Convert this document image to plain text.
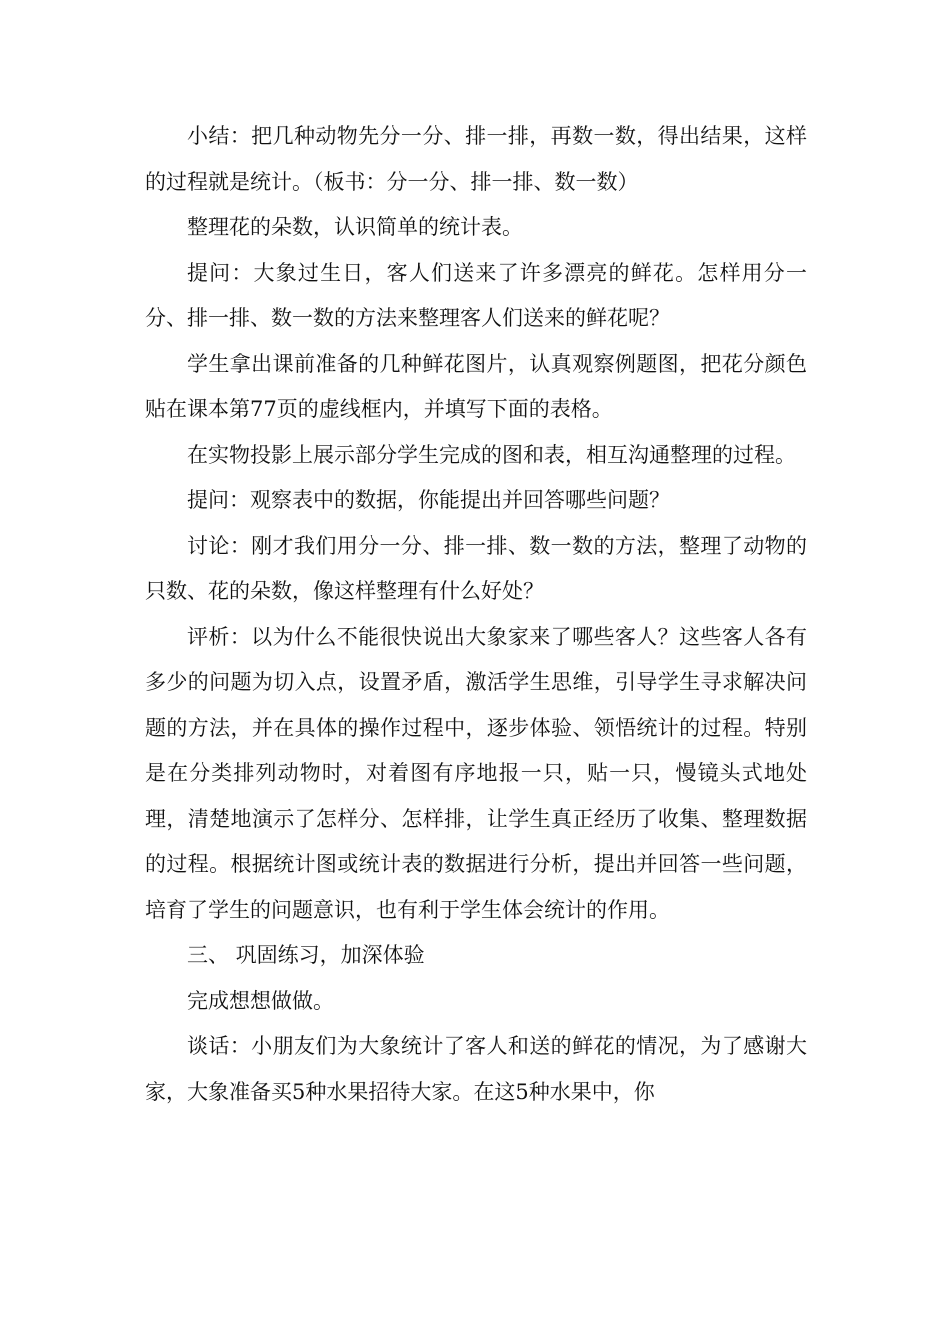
小结：把几种动物先分一分、排一排，再数一数，得出结果，这样的过程就是统计。（板书：分一分、排一排、数一数）

整理花的朵数，认识简单的统计表。

提问：大象过生日，客人们送来了许多漂亮的鲜花。怎样用分一分、排一排、数一数的方法来整理客人们送来的鲜花呢？

学生拿出课前准备的几种鲜花图片，认真观察例题图，把花分颜色贴在课本第77页的虚线框内，并填写下面的表格。

在实物投影上展示部分学生完成的图和表，相互沟通整理的过程。

提问：观察表中的数据，你能提出并回答哪些问题？

讨论：刚才我们用分一分、排一排、数一数的方法，整理了动物的只数、花的朵数，像这样整理有什么好处？

评析：以为什么不能很快说出大象家来了哪些客人？这些客人各有多少的问题为切入点，设置矛盾，激活学生思维，引导学生寻求解决问题的方法，并在具体的操作过程中，逐步体验、领悟统计的过程。特别是在分类排列动物时，对着图有序地报一只，贴一只，慢镜头式地处理，清楚地演示了怎样分、怎样排，让学生真正经历了收集、整理数据的过程。根据统计图或统计表的数据进行分析，提出并回答一些问题，培育了学生的问题意识，也有利于学生体会统计的作用。

三、 巩固练习，加深体验

完成想想做做。

谈话：小朋友们为大象统计了客人和送的鲜花的情况，为了感谢大家，大象准备买5种水果招待大家。在这5种水果中，你
